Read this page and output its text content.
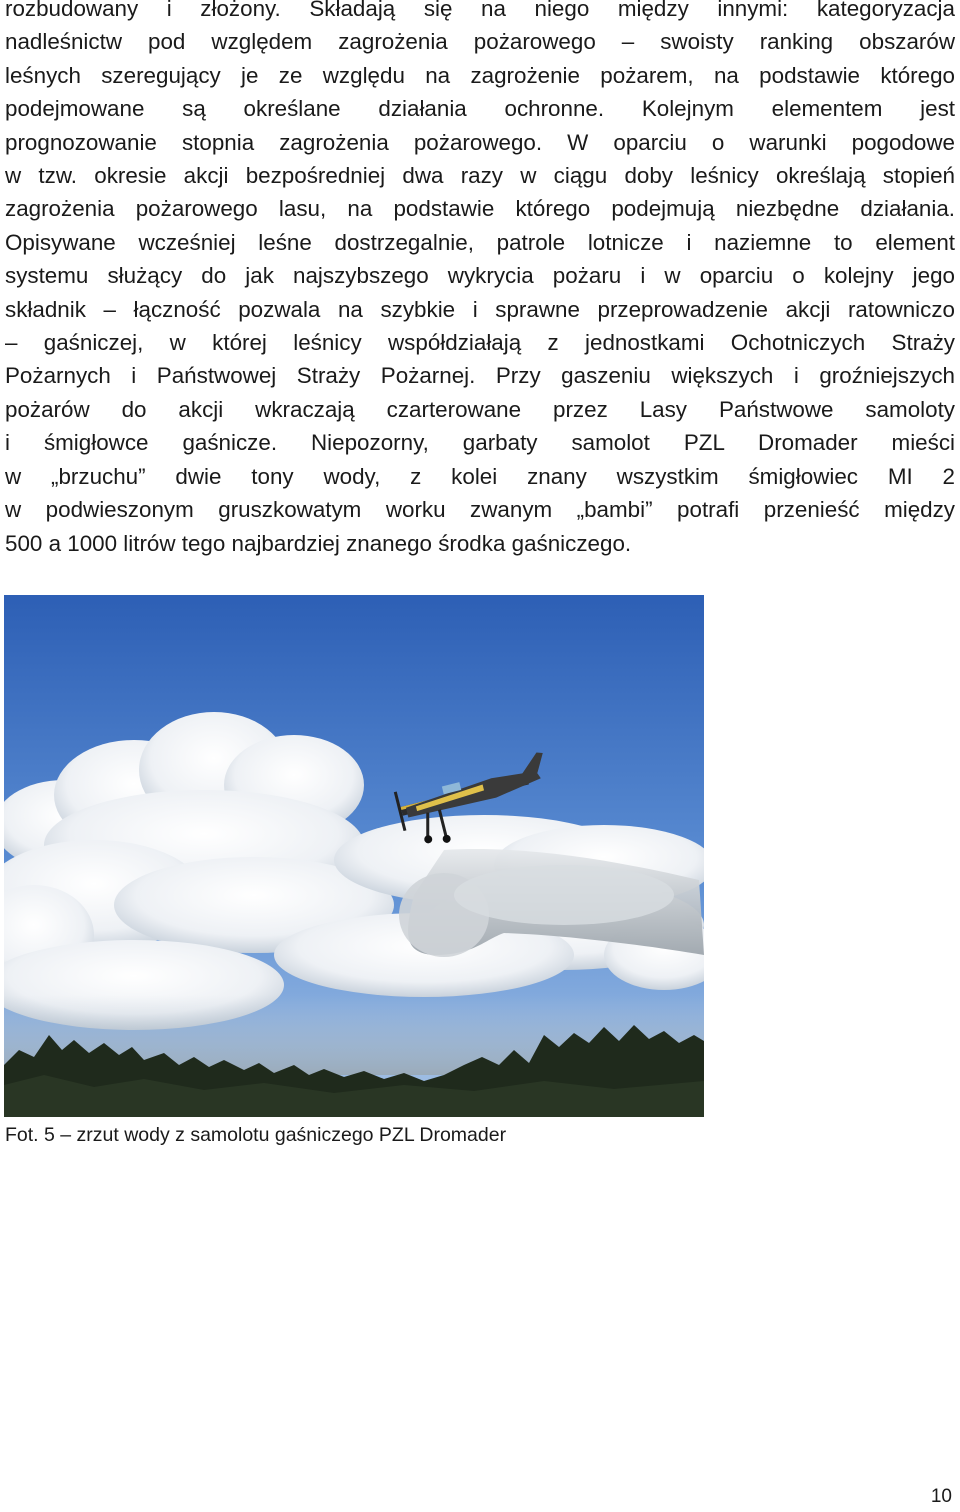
rozbudowany i złożony. Składają się na niego między innymi: kategoryzacja
nadleśnictw pod względem zagrożenia pożarowego – swoisty ranking obszarów
leśnych szeregujący je ze względu na zagrożenie pożarem, na podstawie którego
podejmowane są określane działania ochronne. Kolejnym elementem jest
prognozowanie stopnia zagrożenia pożarowego. W oparciu o warunki pogodowe
w tzw. okresie akcji bezpośredniej dwa razy w ciągu doby leśnicy określają stopień
zagrożenia pożarowego lasu, na podstawie którego podejmują niezbędne działania.
Opisywane wcześniej leśne dostrzegalnie, patrole lotnicze i naziemne to element
systemu służący do jak najszybszego wykrycia pożaru i w oparciu o kolejny jego
składnik – łączność pozwala na szybkie i sprawne przeprowadzenie akcji ratowniczo
– gaśniczej, w której leśnicy współdziałają z jednostkami Ochotniczych Straży
Pożarnych i Państwowej Straży Pożarnej. Przy gaszeniu większych i groźniejszych
pożarów do akcji wkraczają czarterowane przez Lasy Państwowe samoloty
i śmigłowce gaśnicze. Niepozorny, garbaty samolot PZL Dromader mieści
w „brzuchu” dwie tony wody, z kolei znany wszystkim śmigłowiec MI 2
w podwieszonym gruszkowatym worku zwanym „bambi” potrafi przenieść między
500 a 1000 litrów tego najbardziej znanego środka gaśniczego.

Fot. 5 – zrzut wody z samolotu gaśniczego PZL Dromader

10
